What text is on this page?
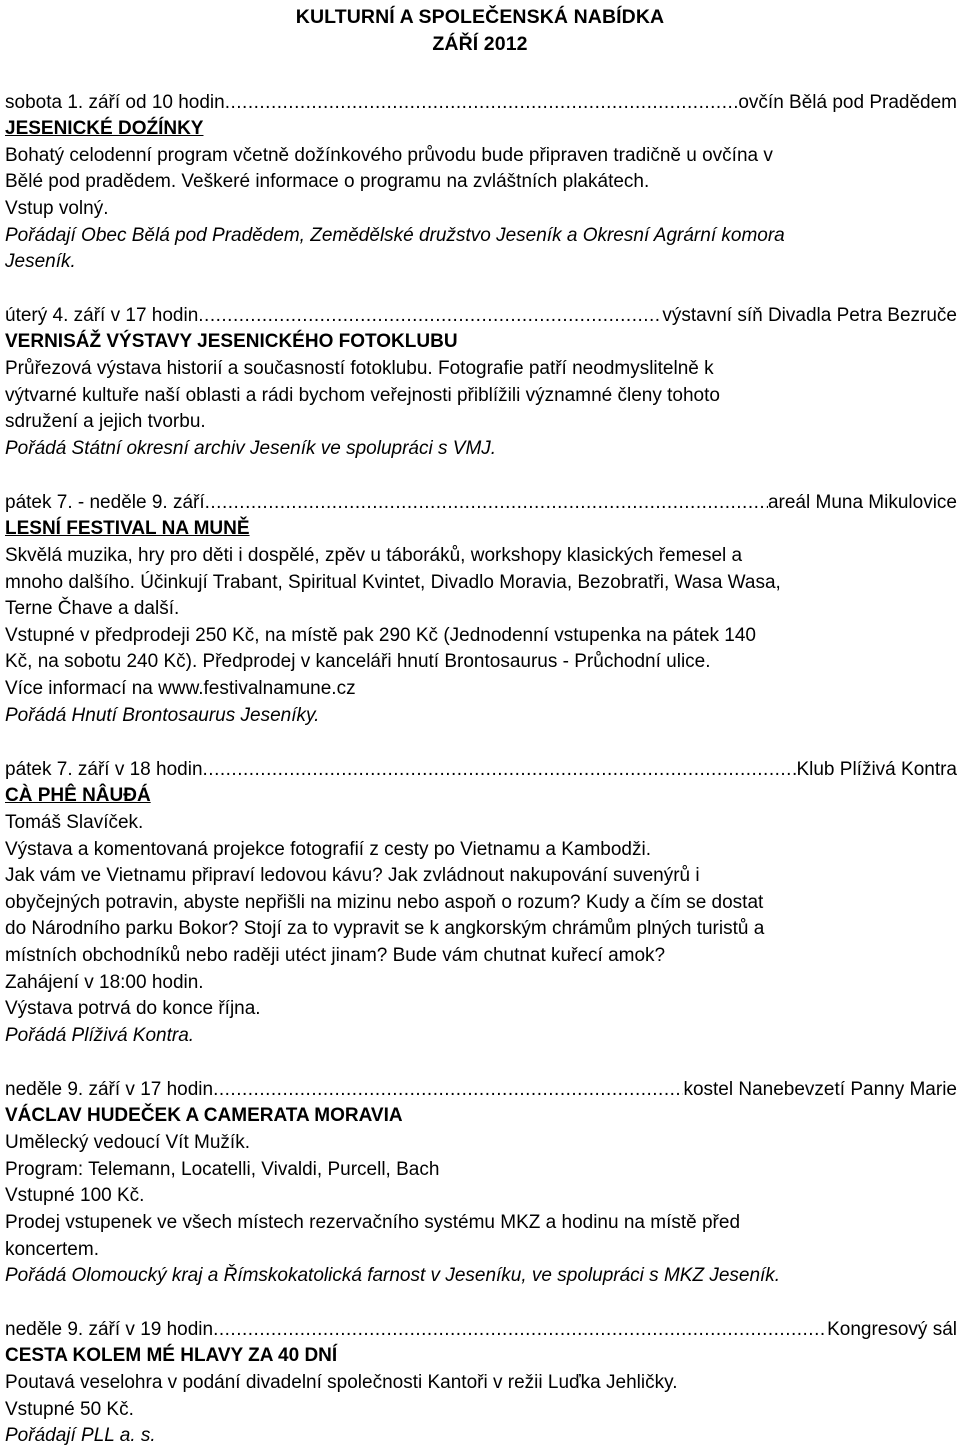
KULTURNÍ A SPOLEČENSKÁ NABÍDKA
ZÁŘÍ 2012
sobota 1. září od 10 hodin .....	ovčín Bělá pod Pradědem
JESENICKÉ DOŹÍNKY
Bohatý celodenní program včetně dožínkového průvodu bude připraven tradičně u ovčína v
Bělé pod pradědem. Veškeré informace o programu na zvláštních plakátech.
Vstup volný.
Pořádají Obec Bělá pod Pradědem, Zemědělské družstvo Jeseník a Okresní Agrární komora
Jeseník.
úterý 4. září v 17 hodin .....	výstavní síň Divadla Petra Bezruče
VERNISÁŽ VÝSTAVY JESENICKÉHO FOTOKLUBU
Průřezová výstava historií a současností fotoklubu. Fotografie patří neodmyslitelně k
výtvarné kultuře naší oblasti a rádi bychom veřejnosti přiblížili významné členy tohoto
sdružení a jejich tvorbu.
Pořádá Státní okresní archiv Jeseník ve spolupráci s VMJ.
pátek 7. - neděle 9. září .....	areál Muna Mikulovice
LESNÍ FESTIVAL NA MUNĚ
Skvělá muzika, hry pro děti i dospělé, zpěv u táboráků, workshopy klasických řemesel a
mnoho dalšího. Účinkují Trabant, Spiritual Kvintet, Divadlo Moravia, Bezobratři, Wasa Wasa,
Terne Čhave a další.
Vstupné v předprodeji 250 Kč, na místě pak 290 Kč (Jednodenní vstupenka na pátek 140
Kč, na sobotu 240 Kč). Předprodej v kanceláři hnutí Brontosaurus - Průchodní ulice.
Více informací na www.festivalnamune.cz
Pořádá Hnutí Brontosaurus Jeseníky.
pátek 7. září v 18 hodin .....	Klub Plíživá Kontra
CÀ PHÊ NÂUĐÁ
Tomáš Slavíček.
Výstava a komentovaná projekce fotografií z cesty po Vietnamu a Kambodži.
Jak vám ve Vietnamu připraví ledovou kávu? Jak zvládnout nakupování suvenýrů i
obyčejných potravin, abyste nepřišli na mizinu nebo aspoň o rozum? Kudy a čím se dostat
do Národního parku Bokor? Stojí za to vypravit se k angkorským chrámům plných turistů a
místních obchodníků nebo raději utéct jinam? Bude vám chutnat kuřecí amok?
Zahájení v 18:00 hodin.
Výstava potrvá do konce října.
Pořádá Plíživá Kontra.
neděle 9. září v 17 hodin .....	kostel Nanebevzetí Panny Marie
VÁCLAV HUDEČEK A CAMERATA MORAVIA
Umělecký vedoucí Vít Mužík.
Program: Telemann, Locatelli, Vivaldi, Purcell, Bach
Vstupné 100 Kč.
Prodej vstupenek ve všech místech rezervačního systému MKZ a hodinu na místě před
koncertem.
Pořádá Olomoucký kraj a Římskokatolická farnost v Jeseníku, ve spolupráci s MKZ Jeseník.
neděle 9. září v 19 hodin .....	Kongresový sál
CESTA KOLEM MÉ HLAVY ZA 40 DNÍ
Poutavá veselohra v podání divadelní společnosti Kantoři v režii Luďka Jehličky.
Vstupné 50 Kč.
Pořádají PLL a. s.
